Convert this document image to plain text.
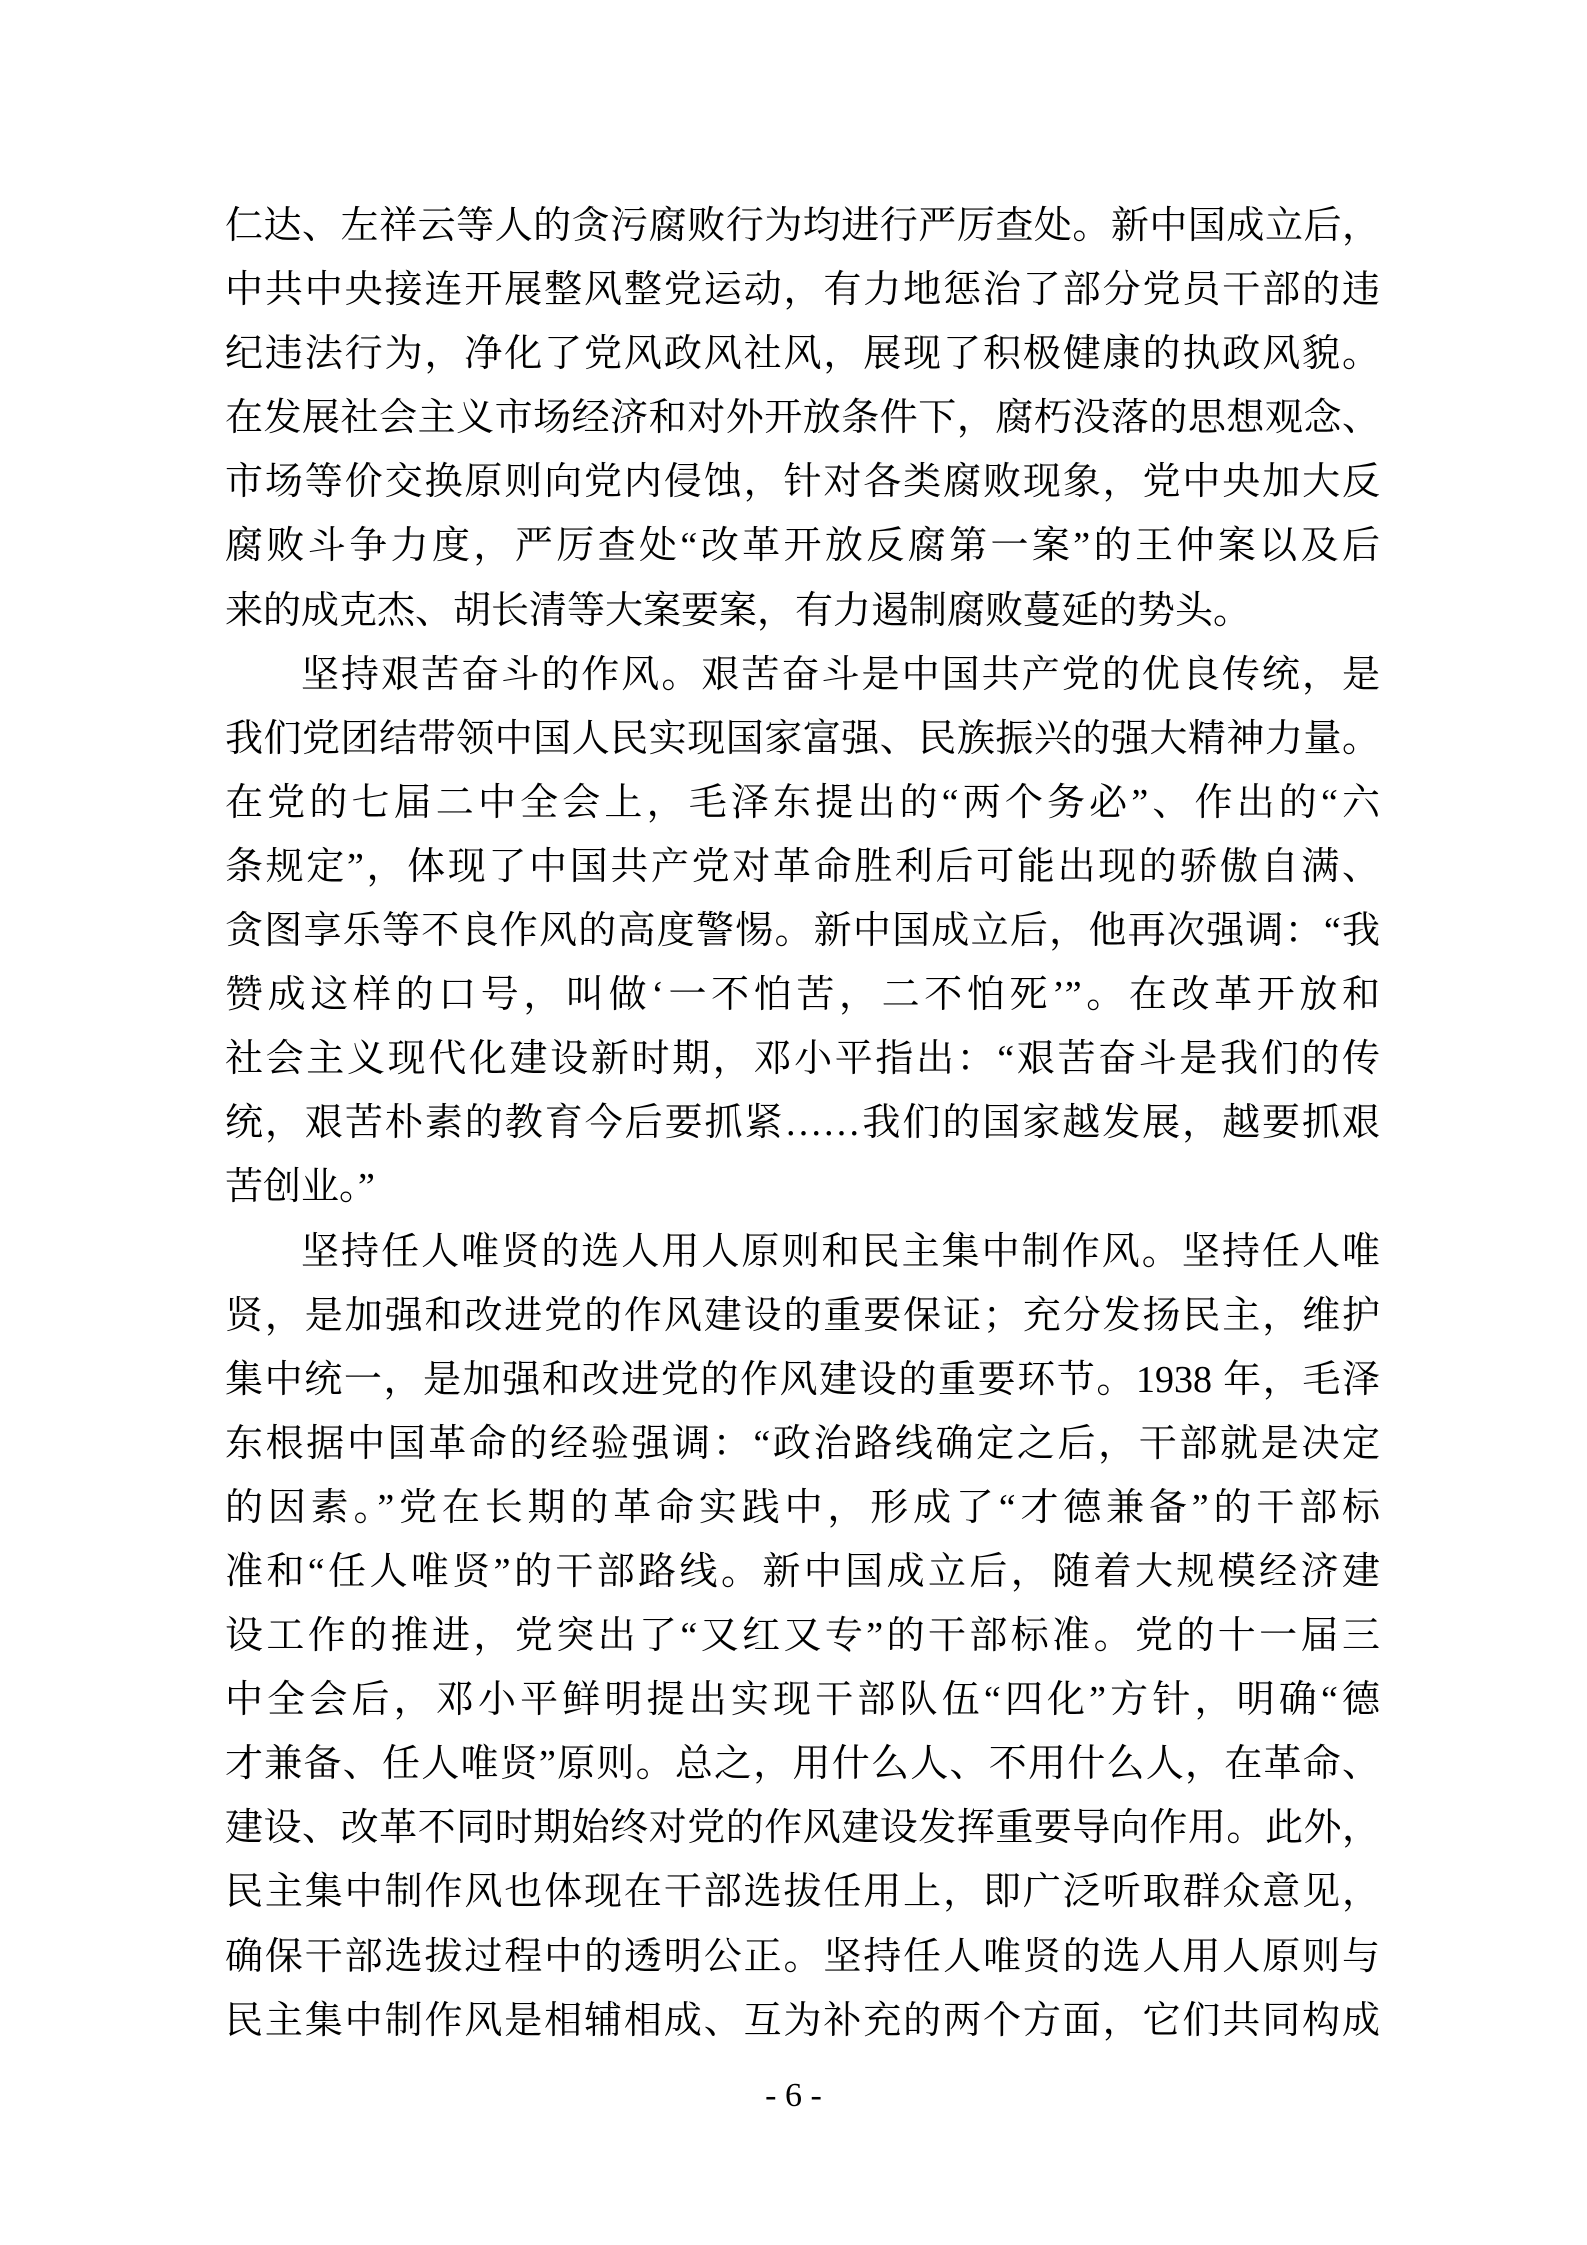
仁达、左祥云等人的贪污腐败行为均进行严厉查处。新中国成立后，
中共中央接连开展整风整党运动，有力地惩治了部分党员干部的违
纪违法行为，净化了党风政风社风，展现了积极健康的执政风貌。
在发展社会主义市场经济和对外开放条件下，腐朽没落的思想观念、
市场等价交换原则向党内侵蚀，针对各类腐败现象，党中央加大反
腐败斗争力度，严厉查处“改革开放反腐第一案”的王仲案以及后
来的成克杰、胡长清等大案要案，有力遏制腐败蔓延的势头。
坚持艰苦奋斗的作风。艰苦奋斗是中国共产党的优良传统，是
我们党团结带领中国人民实现国家富强、民族振兴的强大精神力量。
在党的七届二中全会上，毛泽东提出的“两个务必”、作出的“六
条规定”，体现了中国共产党对革命胜利后可能出现的骄傲自满、
贪图享乐等不良作风的高度警惕。新中国成立后，他再次强调：“我
赞成这样的口号，叫做‘一不怕苦，二不怕死’”。在改革开放和
社会主义现代化建设新时期，邓小平指出：“艰苦奋斗是我们的传
统，艰苦朴素的教育今后要抓紧……我们的国家越发展，越要抓艰
苦创业。”
坚持任人唯贤的选人用人原则和民主集中制作风。坚持任人唯
贤，是加强和改进党的作风建设的重要保证；充分发扬民主，维护
集中统一，是加强和改进党的作风建设的重要环节。1938 年，毛泽
东根据中国革命的经验强调：“政治路线确定之后，干部就是决定
的因素。”党在长期的革命实践中，形成了“才德兼备”的干部标
准和“任人唯贤”的干部路线。新中国成立后，随着大规模经济建
设工作的推进，党突出了“又红又专”的干部标准。党的十一届三
中全会后，邓小平鲜明提出实现干部队伍“四化”方针，明确“德
才兼备、任人唯贤”原则。总之，用什么人、不用什么人，在革命、
建设、改革不同时期始终对党的作风建设发挥重要导向作用。此外，
民主集中制作风也体现在干部选拔任用上，即广泛听取群众意见，
确保干部选拔过程中的透明公正。坚持任人唯贤的选人用人原则与
民主集中制作风是相辅相成、互为补充的两个方面，它们共同构成
- 6 -
